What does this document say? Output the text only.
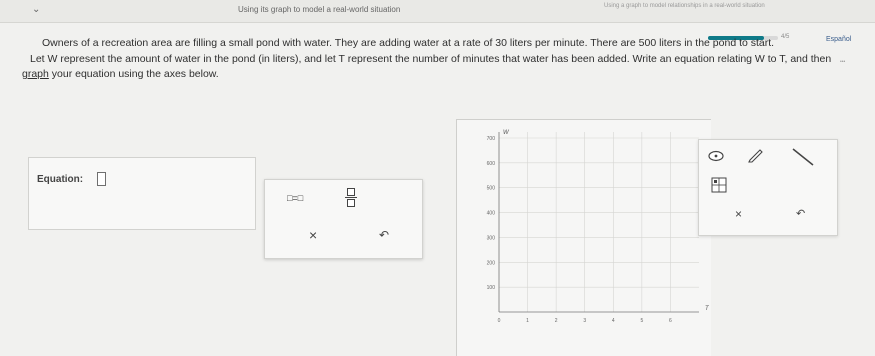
⌄	Using its graph to model a real-world situation	Using a graph to model relationships in a real-world situation
4/5	Español
•••

Owners of a recreation area are filling a small pond with water. They are adding water at a rate of 30 liters per minute. There are 500 liters in the pond to start.

Let W represent the amount of water in the pond (in liters), and let T represent the number of minutes that water has been added. Write an equation relating W to T, and then graph your equation using the axes below.

Equation:
□=□
×	↶
W
T
100
200
300
400
500
600
700
0	1	2	3	4	5	6
×	↶
